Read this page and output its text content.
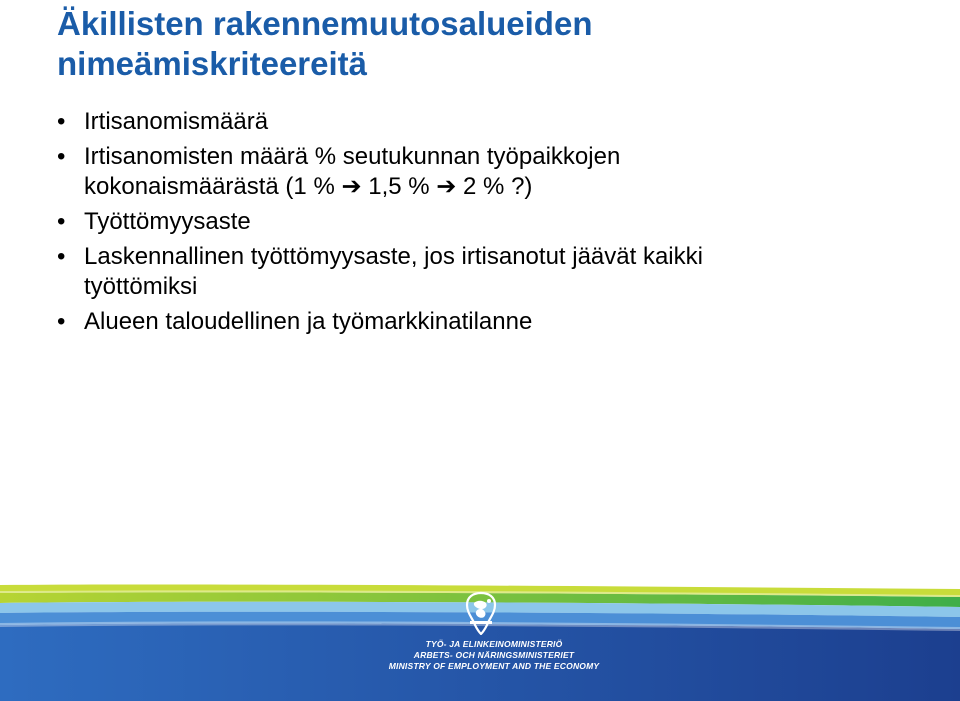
Äkillisten rakennemuutosalueiden
nimeämiskriteereitä
• Irtisanomismäärä
• Irtisanomisten määrä % seutukunnan työpaikkojen
kokonaismäärästä (1 % ➔ 1,5 % ➔ 2 % ?)
• Työttömyysaste
• Laskennallinen työttömyysaste, jos irtisanotut jäävät kaikki
työttömiksi
• Alueen taloudellinen ja työmarkkinatilanne
TYÖ- JA ELINKEINOMINISTERIÖ
ARBETS- OCH NÄRINGSMINISTERIET
MINISTRY OF EMPLOYMENT AND THE ECONOMY
